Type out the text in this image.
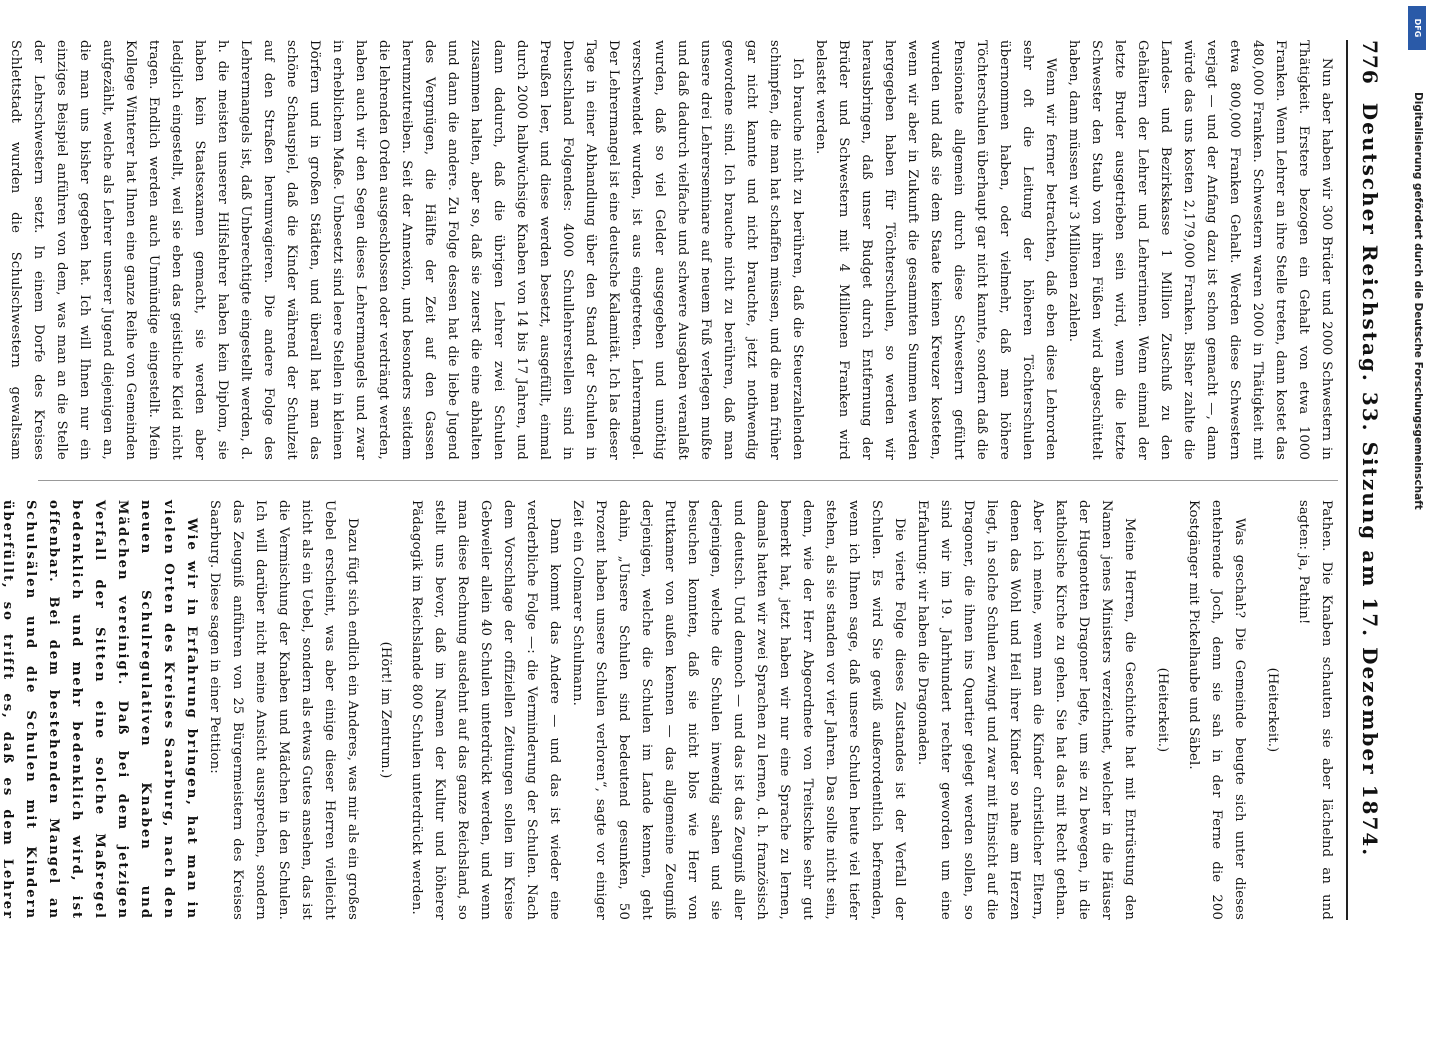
776
Deutscher Reichstag. 33. Sitzung am 17. Dezember 1874.

Nun aber haben wir 300 Brüder und 2000 Schwestern in Thätigkeit. Erstere bezogen ein Gehalt von etwa 1000 Franken. Wenn Lehrer an ihre Stelle treten, dann kostet das 480,000 Franken. Schwestern waren 2000 in Thätigkeit mit etwa 800,000 Franken Gehalt. Werden diese Schwestern verjagt — und der Anfang dazu ist schon gemacht —, dann würde das uns kosten 2,179,000 Franken. Bisher zahlte die Landes- und Bezirkskasse 1 Million Zuschuß zu den Gehältern der Lehrer und Lehrerinnen. Wenn einmal der letzte Bruder ausgetrieben sein wird, wenn die letzte Schwester den Staub von ihren Füßen wird abgeschüttelt haben, dann müssen wir 3 Millionen zahlen.

Wenn wir ferner betrachten, daß eben diese Lehrorden sehr oft die Leitung der höheren Töchterschulen übernommen haben, oder vielmehr, daß man höhere Töchterschulen überhaupt gar nicht kannte, sondern daß die Pensionate allgemein durch diese Schwestern geführt wurden und daß sie dem Staate keinen Kreuzer kosteten, wenn wir aber in Zukunft die gesammten Summen werden hergegeben haben für Töchterschulen, so werden wir herausbringen, daß unser Budget durch Entfernung der Brüder und Schwestern mit 4 Millionen Franken wird belastet werden.

Ich brauche nicht zu berühren, daß die Steuerzahlenden schimpfen, die man hat schaffen müssen, und die man früher gar nicht kannte und nicht brauchte, jetzt nothwendig gewordene sind. Ich brauche nicht zu berühren, daß man unsere drei Lehrerseminare auf neuem Fuß verlegen mußte und daß dadurch vielfache und schwere Ausgaben veranlaßt wurden, daß so viel Gelder ausgegeben und unnöthig verschwendet wurden, ist aus eingetreten. Lehrermangel. Der Lehrermangel ist eine deutsche Kalamität. Ich las dieser Tage in einer Abhandlung über den Stand der Schulen in Deutschland Folgendes: 4000 Schullehrerstellen sind in Preußen leer, und diese werden besetzt, ausgefüllt, einmal durch 2000 halbwüchsige Knaben von 14 bis 17 Jahren, und dann dadurch, daß die übrigen Lehrer zwei Schulen zusammen halten, aber so, daß sie zuerst die eine abhalten und dann die andere. Zu Folge dessen hat die liebe Jugend des Vergnügen, die Hälfte der Zeit auf den Gassen herumzutreiben. Seit der Annexion, und besonders seitdem die lehrenden Orden ausgeschlossen oder verdrängt werden, haben auch wir den Segen dieses Lehrermangels und zwar in erheblichem Maße. Unbesetzt sind leere Stellen in kleinen Dörfern und in großen Städten, und überall hat man das schöne Schauspiel, daß die Kinder während der Schulzeit auf den Straßen herumvagieren. Die andere Folge des Lehrermangels ist, daß Unberechtigte eingestellt werden, d. h. die meisten unserer Hilfslehrer haben kein Diplom, sie haben kein Staatsexamen gemacht, sie werden aber lediglich eingestellt, weil sie eben das geistliche Kleid nicht tragen. Endlich werden auch Unmündige eingestellt. Mein Kollege Winterer hat Ihnen eine ganze Reihe von Gemeinden aufgezählt, welche als Lehrer unserer Jugend diejenigen an, die man uns bisher gegeben hat. Ich will Ihnen nur ein einziges Beispiel anführen von dem, was man an die Stelle der Lehrschwestern setzt. In einem Dorfe des Kreises Schlettstadt wurden die Schulschwestern gewaltsam

Pathen. Die Knaben schauten sie aber lächelnd an und sagten: ja, Pathin!

(Heiterkeit.)

Was geschah? Die Gemeinde beugte sich unter dieses entehrende Joch, denn sie sah in der Ferne die 200 Kostgänger mit Pickelhaube und Säbel.

(Heiterkeit.)

Meine Herren, die Geschichte hat mit Entrüstung den Namen jenes Ministers verzeichnet, welcher in die Häuser der Hugenotten Dragoner legte, um sie zu bewegen, in die katholische Kirche zu gehen. Sie hat das mit Recht gethan. Aber ich meine, wenn man die Kinder christlicher Eltern, denen das Wohl und Heil ihrer Kinder so nahe am Herzen liegt, in solche Schulen zwingt und zwar mit Einsicht auf die Dragoner, die ihnen ins Quartier gelegt werden sollen, so sind wir im 19. Jahrhundert rechter geworden um eine Erfahrung: wir haben die Dragonaden.

Die vierte Folge dieses Zustandes ist der Verfall der Schulen. Es wird Sie gewiß außerordentlich befremden, wenn ich Ihnen sage, daß unsere Schulen heute viel tiefer stehen, als sie standen vor vier Jahren. Das sollte nicht sein, denn, wie der Herr Abgeordnete von Treitschke sehr gut bemerkt hat, jetzt haben wir nur eine Sprache zu lernen, damals hatten wir zwei Sprachen zu lernen, d. h. französisch und deutsch. Und dennoch — und das ist das Zeugniß aller derjenigen, welche die Schulen inwendig sahen und sie besuchen konnten, daß sie nicht blos wie Herr von Puttkamer von außen kennen — das allgemeine Zeugniß derjenigen, welche die Schulen im Lande kennen, geht dahin, „Unsere Schulen sind bedeutend gesunken, 50 Prozent haben unsere Schulen verloren“, sagte vor einiger Zeit ein Colmarer Schulmann.

Dann kommt das Andere — und das ist wieder eine verderbliche Folge —: die Verminderung der Schulen. Nach dem Vorschlage der offiziellen Zeitungen sollen im Kreise Gebweiler allein 40 Schulen unterdrückt werden, und wenn man diese Rechnung ausdehnt auf das ganze Reichsland, so stellt uns bevor, daß im Namen der Kultur und höherer Pädagogik im Reichslande 800 Schulen unterdrückt werden.

(Hört! im Zentrum.)

Dazu fügt sich endlich ein Anderes, was mir als ein großes Uebel erscheint, was aber einige dieser Herren vielleicht nicht als ein Uebel, sondern als etwas Gutes ansehen, das ist die Vermischung der Knaben und Mädchen in den Schulen. Ich will darüber nicht meine Ansicht aussprechen, sondern das Zeugniß anführen von 25 Bürgermeistern des Kreises Saarburg. Diese sagen in einer Petition:

Wie wir in Erfahrung bringen, hat man in vielen Orten des Kreises Saarburg, nach den neuen Schulregulativen Knaben und Mädchen vereinigt. Daß bei dem jetzigen Verfall der Sitten eine solche Maßregel bedenklich und mehr bedenklich wird, ist offenbar. Bei dem bestehenden Mangel an Schulsälen und die Schulen mit Kindern überfüllt, so trifft es, daß es dem Lehrer

DFG
Digitalisierung gefördert durch die Deutsche Forschungsgemeinschaft
